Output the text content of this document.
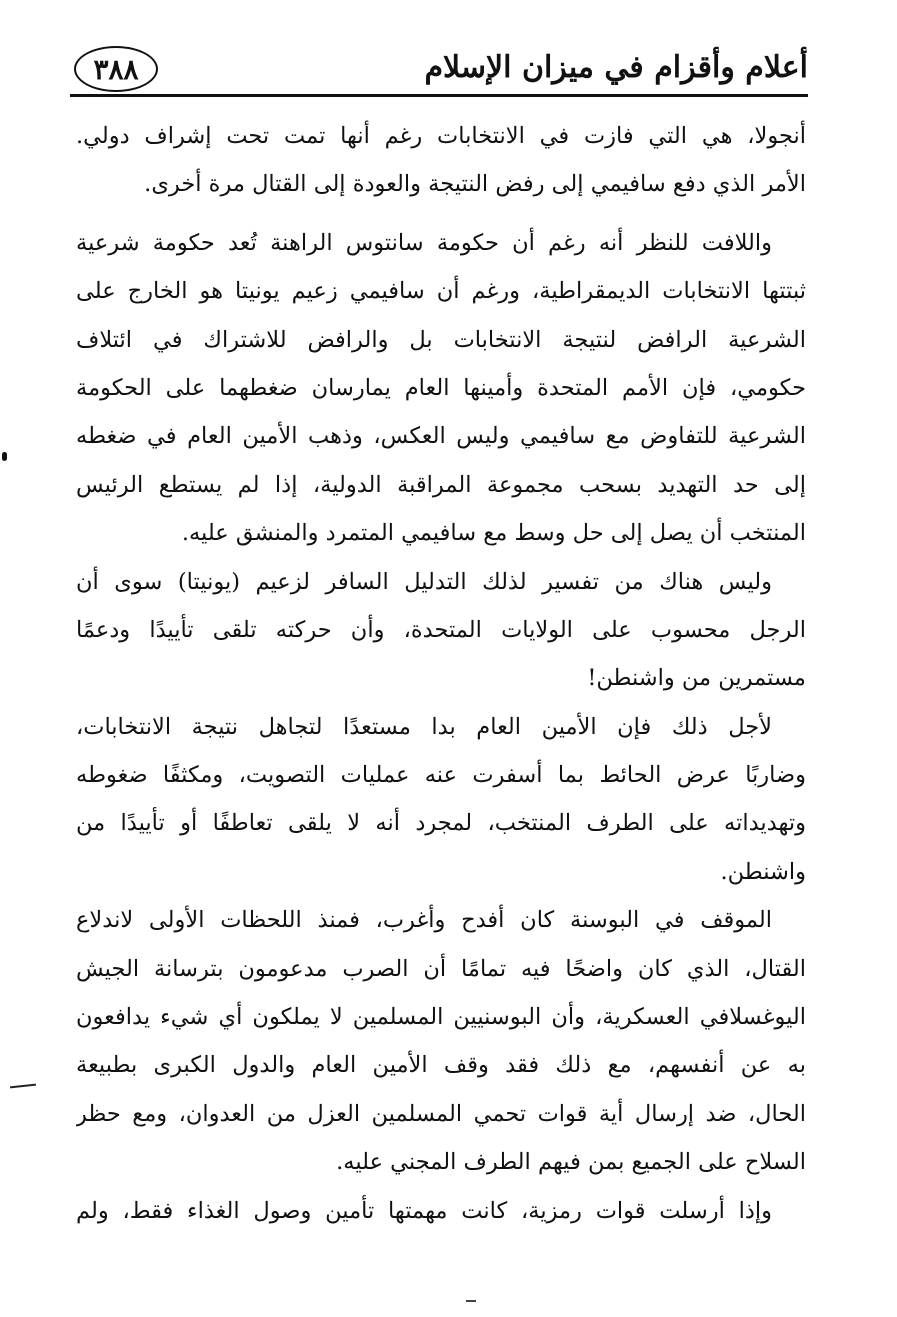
٣٨٨	أعلام وأقزام في ميزان الإسلام
أنجولا، هي التي فازت في الانتخابات رغم أنها تمت تحت إشراف دولي.
الأمر الذي دفع سافيمي إلى رفض النتيجة والعودة إلى القتال مرة أخرى.
واللافت للنظر أنه رغم أن حكومة سانتوس الراهنة تُعد حكومة شرعية
ثبتتها الانتخابات الديمقراطية، ورغم أن سافيمي زعيم يونيتا هو الخارج على
الشرعية الرافض لنتيجة الانتخابات بل والرافض للاشتراك في ائتلاف
حكومي، فإن الأمم المتحدة وأمينها العام يمارسان ضغطهما على الحكومة
الشرعية للتفاوض مع سافيمي وليس العكس، وذهب الأمين العام في ضغطه
إلى حد التهديد بسحب مجموعة المراقبة الدولية، إذا لم يستطع الرئيس
المنتخب أن يصل إلى حل وسط مع سافيمي المتمرد والمنشق عليه.
وليس هناك من تفسير لذلك التدليل السافر لزعيم (يونيتا) سوى أن
الرجل محسوب على الولايات المتحدة، وأن حركته تلقى تأييدًا ودعمًا
مستمرين من واشنطن!
لأجل ذلك فإن الأمين العام بدا مستعدًا لتجاهل نتيجة الانتخابات،
وضاربًا عرض الحائط بما أسفرت عنه عمليات التصويت، ومكثفًا ضغوطه
وتهديداته على الطرف المنتخب، لمجرد أنه لا يلقى تعاطفًا أو تأييدًا من
واشنطن.
الموقف في البوسنة كان أفدح وأغرب، فمنذ اللحظات الأولى لاندلاع
القتال، الذي كان واضحًا فيه تمامًا أن الصرب مدعومون بترسانة الجيش
اليوغسلافي العسكرية، وأن البوسنيين المسلمين لا يملكون أي شيء يدافعون
به عن أنفسهم، مع ذلك فقد وقف الأمين العام والدول الكبرى بطبيعة
الحال، ضد إرسال أية قوات تحمي المسلمين العزل من العدوان، ومع حظر
السلاح على الجميع بمن فيهم الطرف المجني عليه.
وإذا أرسلت قوات رمزية، كانت مهمتها تأمين وصول الغذاء فقط، ولم
